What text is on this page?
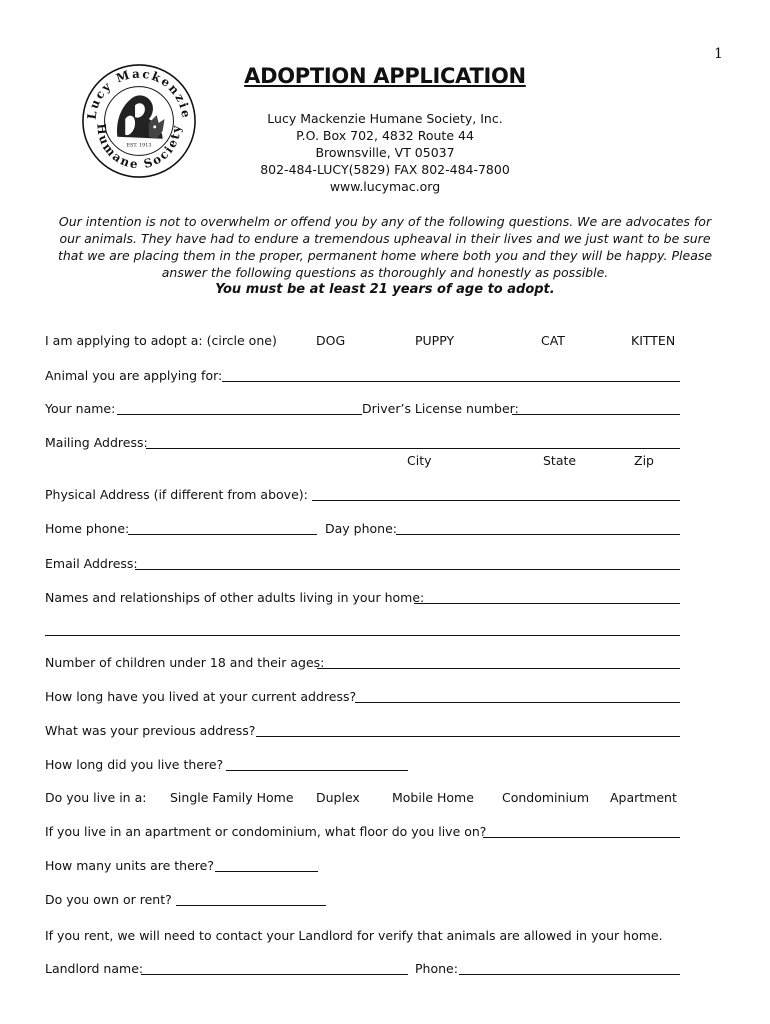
1
Lucy Mackenzie
Humane Society
EST. 1913
ADOPTION APPLICATION
Lucy Mackenzie Humane Society, Inc.
P.O. Box 702, 4832 Route 44
Brownsville, VT 05037
802-484-LUCY(5829) FAX 802-484-7800
www.lucymac.org
Our intention is not to overwhelm or offend you by any of the following questions. We are advocates for our animals. They have had to endure a tremendous upheaval in their lives and we just want to be sure that we are placing them in the proper, permanent home where both you and they will be happy. Please answer the following questions as thoroughly and honestly as possible.
You must be at least 21 years of age to adopt.
I am applying to adopt a: (circle one)	DOG	PUPPY	CAT	KITTEN
Animal you are applying for:
Your name:	Driver’s License number:
Mailing Address:
City	State	Zip
Physical Address (if different from above):
Home phone:	Day phone:
Email Address:
Names and relationships of other adults living in your home:
Number of children under 18 and their ages:
How long have you lived at your current address?
What was your previous address?
How long did you live there?
Do you live in a: Single Family Home Duplex	Mobile Home Condominium Apartment
If you live in an apartment or condominium, what floor do you live on?
How many units are there?
Do you own or rent?
If you rent, we will need to contact your Landlord for verify that animals are allowed in your home.
Landlord name:	Phone:
